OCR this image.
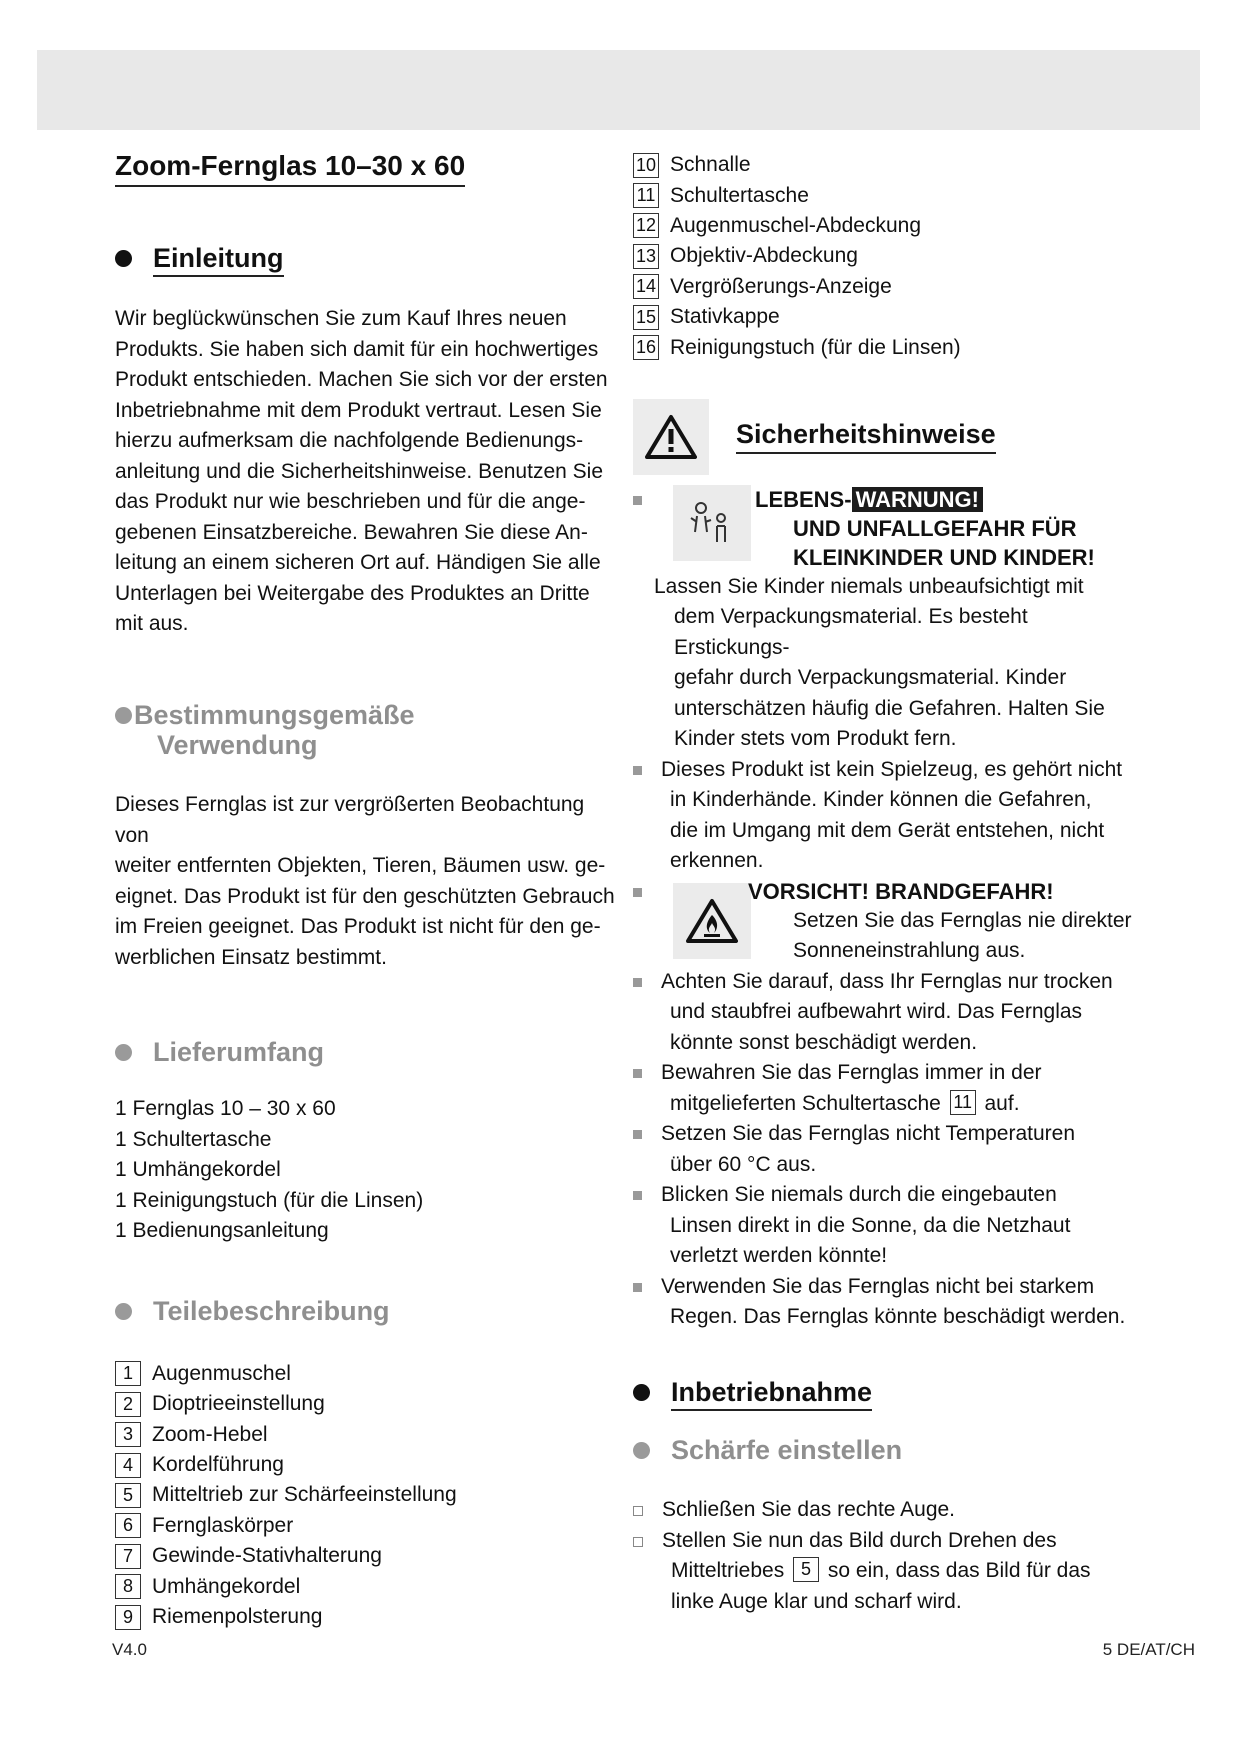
Zoom-Fernglas 10–30 x 60
Einleitung
Wir beglückwünschen Sie zum Kauf Ihres neuen
Produkts. Sie haben sich damit für ein hochwertiges
Produkt entschieden. Machen Sie sich vor der ersten
Inbetriebnahme mit dem Produkt vertraut. Lesen Sie
hierzu aufmerksam die nachfolgende Bedienungs-
anleitung und die Sicherheitshinweise. Benutzen Sie
das Produkt nur wie beschrieben und für die ange-
gebenen Einsatzbereiche. Bewahren Sie diese An-
leitung an einem sicheren Ort auf. Händigen Sie alle
Unterlagen bei Weitergabe des Produktes an Dritte
mit aus.
Bestimmungsgemäße
Verwendung
Dieses Fernglas ist zur vergrößerten Beobachtung von
weiter entfernten Objekten, Tieren, Bäumen usw. ge-
eignet. Das Produkt ist für den geschützten Gebrauch
im Freien geeignet. Das Produkt ist nicht für den ge-
werblichen Einsatz bestimmt.
Lieferumfang
1 Fernglas 10 – 30 x 60
1 Schultertasche
1 Umhängekordel
1 Reinigungstuch (für die Linsen)
1 Bedienungsanleitung
Teilebeschreibung
1 Augenmuschel
2 Dioptrieeinstellung
3 Zoom-Hebel
4 Kordelführung
5 Mitteltrieb zur Schärfeeinstellung
6 Fernglaskörper
7 Gewinde-Stativhalterung
8 Umhängekordel
9 Riemenpolsterung
10 Schnalle
11 Schultertasche
12 Augenmuschel-Abdeckung
13 Objektiv-Abdeckung
14 Vergrößerungs-Anzeige
15 Stativkappe
16 Reinigungstuch (für die Linsen)
Sicherheitshinweise
LEBENS- WARNUNG!
UND UNFALLGEFAHR FÜR
KLEINKINDER UND KINDER!
Lassen Sie Kinder niemals unbeaufsichtigt mit
dem Verpackungsmaterial. Es besteht Erstickungs-
gefahr durch Verpackungsmaterial. Kinder
unterschätzen häufig die Gefahren. Halten Sie
Kinder stets vom Produkt fern.
Dieses Produkt ist kein Spielzeug, es gehört nicht
in Kinderhände. Kinder können die Gefahren,
die im Umgang mit dem Gerät entstehen, nicht
erkennen.
VORSICHT! BRANDGEFAHR!
Setzen Sie das Fernglas nie direkter
Sonneneinstrahlung aus.
Achten Sie darauf, dass Ihr Fernglas nur trocken
und staubfrei aufbewahrt wird. Das Fernglas
könnte sonst beschädigt werden.
Bewahren Sie das Fernglas immer in der
mitgelieferten Schultertasche 11 auf.
Setzen Sie das Fernglas nicht Temperaturen
über 60 °C aus.
Blicken Sie niemals durch die eingebauten
Linsen direkt in die Sonne, da die Netzhaut
verletzt werden könnte!
Verwenden Sie das Fernglas nicht bei starkem
Regen. Das Fernglas könnte beschädigt werden.
Inbetriebnahme
Schärfe einstellen
Schließen Sie das rechte Auge.
Stellen Sie nun das Bild durch Drehen des
Mitteltriebes 5 so ein, dass das Bild für das
linke Auge klar und scharf wird.
V4.0	5 DE/AT/CH
